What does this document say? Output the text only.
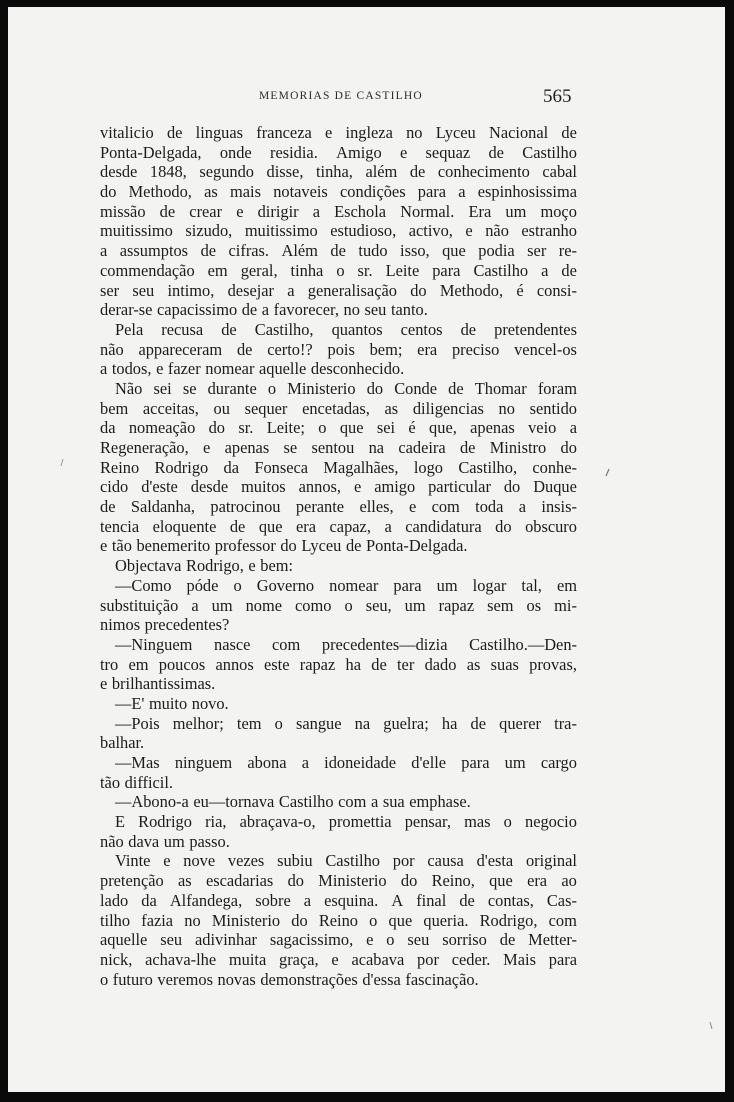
MEMORIAS DE CASTILHO	565
vitalicio de linguas franceza e ingleza no Lyceu Nacional de
Ponta-Delgada, onde residia. Amigo e sequaz de Castilho
desde 1848, segundo disse, tinha, além de conhecimento cabal
do Methodo, as mais notaveis condições para a espinhosissima
missão de crear e dirigir a Eschola Normal. Era um moço
muitissimo sizudo, muitissimo estudioso, activo, e não estranho
a assumptos de cifras. Além de tudo isso, que podia ser re-
commendação em geral, tinha o sr. Leite para Castilho a de
ser seu intimo, desejar a generalisação do Methodo, é consi-
derar-se capacissimo de a favorecer, no seu tanto.
Pela recusa de Castilho, quantos centos de pretendentes
não appareceram de certo!? pois bem; era preciso vencel-os
a todos, e fazer nomear aquelle desconhecido.
Não sei se durante o Ministerio do Conde de Thomar foram
bem acceitas, ou sequer encetadas, as diligencias no sentido
da nomeação do sr. Leite; o que sei é que, apenas veio a
Regeneração, e apenas se sentou na cadeira de Ministro do
Reino Rodrigo da Fonseca Magalhães, logo Castilho, conhe-
cido d'este desde muitos annos, e amigo particular do Duque
de Saldanha, patrocinou perante elles, e com toda a insis-
tencia eloquente de que era capaz, a candidatura do obscuro
e tão benemerito professor do Lyceu de Ponta-Delgada.
Objectava Rodrigo, e bem:
—Como póde o Governo nomear para um logar tal, em
substituição a um nome como o seu, um rapaz sem os mi-
nimos precedentes?
—Ninguem nasce com precedentes—dizia Castilho.—Den-
tro em poucos annos este rapaz ha de ter dado as suas provas,
e brilhantissimas.
—E' muito novo.
—Pois melhor; tem o sangue na guelra; ha de querer tra-
balhar.
—Mas ninguem abona a idoneidade d'elle para um cargo
tão difficil.
—Abono-a eu—tornava Castilho com a sua emphase.
E Rodrigo ria, abraçava-o, promettia pensar, mas o negocio
não dava um passo.
Vinte e nove vezes subiu Castilho por causa d'esta original
pretenção as escadarias do Ministerio do Reino, que era ao
lado da Alfandega, sobre a esquina. A final de contas, Cas-
tilho fazia no Ministerio do Reino o que queria. Rodrigo, com
aquelle seu adivinhar sagacissimo, e o seu sorriso de Metter-
nick, achava-lhe muita graça, e acabava por ceder. Mais para
o futuro veremos novas demonstrações d'essa fascinação.
